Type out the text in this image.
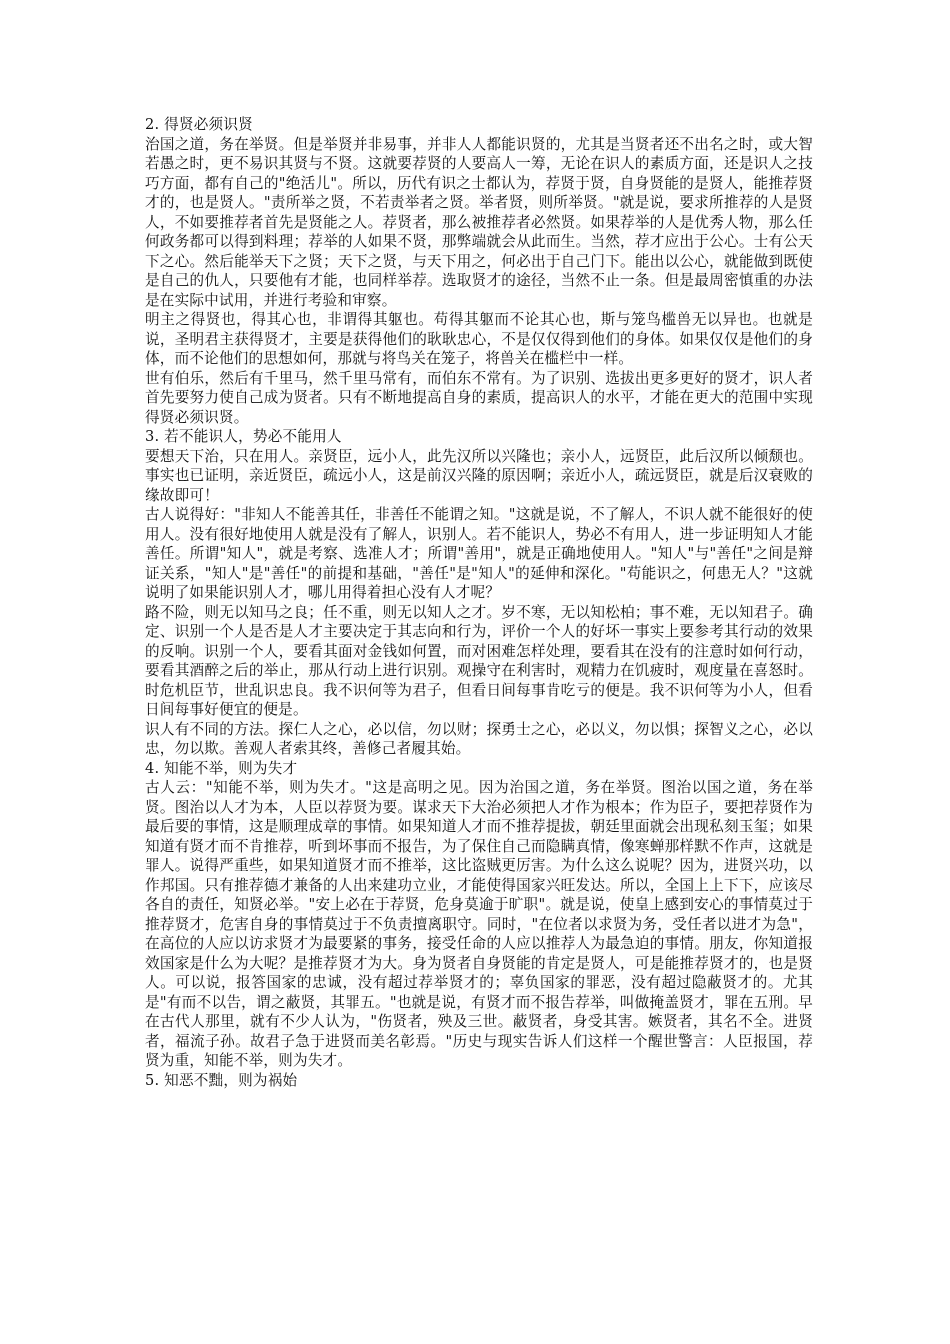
2. 得贤必须识贤

治国之道，务在举贤。但是举贤并非易事，并非人人都能识贤的，尤其是当贤者还不出名之时，或大智若愚之时，更不易识其贤与不贤。这就要荐贤的人要高人一筹，无论在识人的素质方面，还是识人之技巧方面，都有自己的"绝活儿"。所以，历代有识之士都认为，荐贤于贤，自身贤能的是贤人，能推荐贤才的，也是贤人。"责所举之贤，不若责举者之贤。举者贤，则所举贤。"就是说，要求所推荐的人是贤人，不如要推荐者首先是贤能之人。荐贤者，那么被推荐者必然贤。如果荐举的人是优秀人物，那么任何政务都可以得到料理；荐举的人如果不贤，那弊端就会从此而生。当然，荐才应出于公心。士有公天下之心。然后能举天下之贤；天下之贤，与天下用之，何必出于自己门下。能出以公心，就能做到既使是自己的仇人，只要他有才能，也同样举荐。选取贤才的途径，当然不止一条。但是最周密慎重的办法是在实际中试用，并进行考验和审察。

明主之得贤也，得其心也，非谓得其躯也。苟得其躯而不论其心也，斯与笼鸟槛兽无以异也。也就是说，圣明君主获得贤才，主要是获得他们的耿耿忠心，不是仅仅得到他们的身体。如果仅仅是他们的身体，而不论他们的思想如何，那就与将鸟关在笼子，将兽关在槛栏中一样。

世有伯乐，然后有千里马，然千里马常有，而伯东不常有。为了识别、选拔出更多更好的贤才，识人者首先要努力使自己成为贤者。只有不断地提高自身的素质，提高识人的水平，才能在更大的范围中实现得贤必须识贤。

3. 若不能识人，势必不能用人

要想天下治，只在用人。亲贤臣，远小人，此先汉所以兴隆也；亲小人，远贤臣，此后汉所以倾颓也。事实也已证明，亲近贤臣，疏远小人，这是前汉兴隆的原因啊；亲近小人，疏远贤臣，就是后汉衰败的缘故即可！

古人说得好："非知人不能善其任，非善任不能谓之知。"这就是说，不了解人，不识人就不能很好的使用人。没有很好地使用人就是没有了解人，识别人。若不能识人，势必不有用人，进一步证明知人才能善任。所谓"知人"，就是考察、选准人才；所谓"善用"，就是正确地使用人。"知人"与"善任"之间是辩证关系，"知人"是"善任"的前提和基础，"善任"是"知人"的延伸和深化。"苟能识之，何患无人？"这就说明了如果能识别人才，哪儿用得着担心没有人才呢？

路不险，则无以知马之良；任不重，则无以知人之才。岁不寒，无以知松柏；事不难，无以知君子。确定、识别一个人是否是人才主要决定于其志向和行为，评价一个人的好坏一事实上要参考其行动的效果的反响。识别一个人，要看其面对金钱如何置，而对困难怎样处理，要看其在没有的注意时如何行动，要看其酒醉之后的举止，那从行动上进行识别。观操守在利害时，观精力在饥疲时，观度量在喜怒时。时危机臣节，世乱识忠良。我不识何等为君子，但看日间每事肯吃亏的便是。我不识何等为小人，但看日间每事好便宜的便是。

识人有不同的方法。探仁人之心，必以信，勿以财；探勇士之心，必以义，勿以惧；探智义之心，必以忠，勿以欺。善观人者索其终，善修己者履其始。

4. 知能不举，则为失才

古人云："知能不举，则为失才。"这是高明之见。因为治国之道，务在举贤。图治以国之道，务在举贤。图治以人才为本，人臣以荐贤为要。谋求天下大治必须把人才作为根本；作为臣子，要把荐贤作为最后要的事情，这是顺理成章的事情。如果知道人才而不推荐提拔，朝廷里面就会出现私刻玉玺；如果知道有贤才而不肯推荐，听到坏事而不报告，为了保住自己而隐瞒真情，像寒蝉那样默不作声，这就是罪人。说得严重些，如果知道贤才而不推举，这比盗贼更厉害。为什么这么说呢？因为，进贤兴功，以作邦国。只有推荐德才兼备的人出来建功立业，才能使得国家兴旺发达。所以，全国上上下下，应该尽各自的责任，知贤必举。"安上必在于荐贤，危身莫逾于旷职"。就是说，使皇上感到安心的事情莫过于推荐贤才，危害自身的事情莫过于不负责擅离职守。同时，"在位者以求贤为务，受任者以进才为急"，在高位的人应以访求贤才为最要紧的事务，接受任命的人应以推荐人为最急迫的事情。朋友，你知道报效国家是什么为大呢？是推荐贤才为大。身为贤者自身贤能的肯定是贤人，可是能推荐贤才的，也是贤人。可以说，报答国家的忠诚，没有超过荐举贤才的；辜负国家的罪恶，没有超过隐蔽贤才的。尤其是"有而不以告，谓之蔽贤，其罪五。"也就是说，有贤才而不报告荐举，叫做掩盖贤才，罪在五刑。早在古代人那里，就有不少人认为，"伤贤者，殃及三世。蔽贤者，身受其害。嫉贤者，其名不全。进贤者，福流子孙。故君子急于进贤而美名彰焉。"历史与现实告诉人们这样一个醒世警言：人臣报国，荐贤为重，知能不举，则为失才。

5. 知恶不黜，则为祸始
